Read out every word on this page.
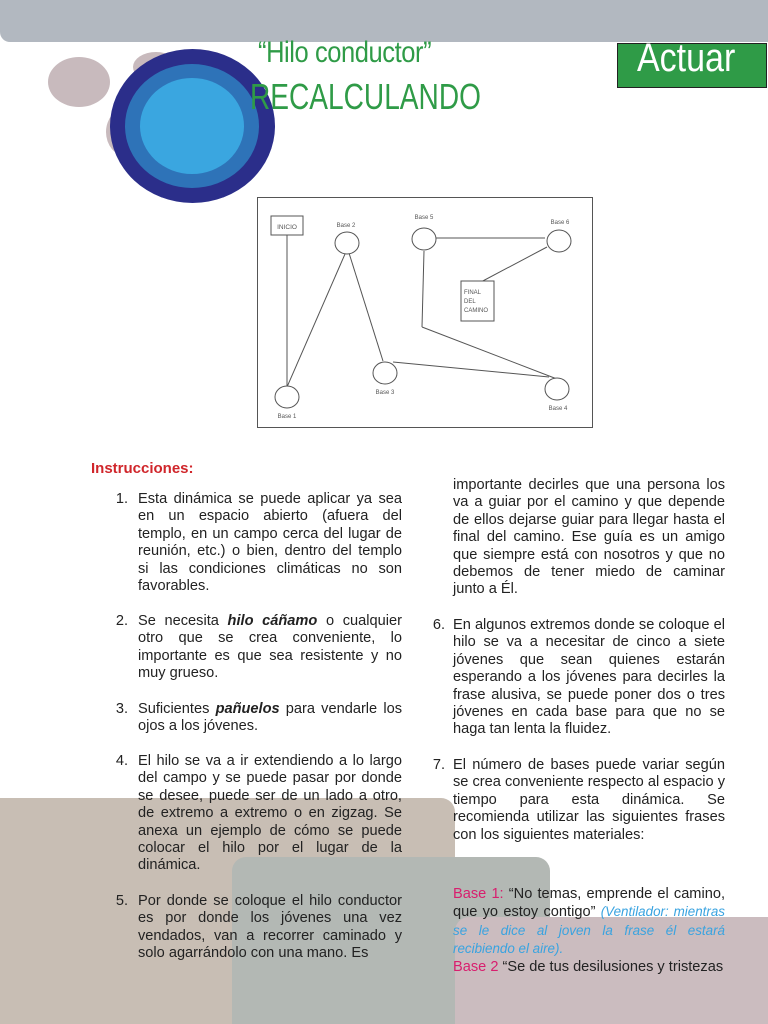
“Hilo conductor”
RECALCULANDO
Actuar
INICIO
Base 1
Base 2
Base 3
Base 4
Base 5
Base 6
FINAL
DEL
CAMINO
Instrucciones:
1. Esta dinámica se puede aplicar ya sea en un espacio abierto (afuera del templo, en un campo cerca del lugar de reunión, etc.) o bien, dentro del templo si las condiciones climáticas no son favorables.
2. Se necesita hilo cáñamo o cualquier otro que se crea conveniente, lo importante es que sea resistente y no muy grueso.
3. Suficientes pañuelos para vendarle los ojos a los jóvenes.
4. El hilo se va a ir extendiendo a lo largo del campo y se puede pasar por donde se desee, puede ser de un lado a otro, de extremo a extremo o en zigzag. Se anexa un ejemplo de cómo se puede colocar el hilo por el lugar de la dinámica.
5. Por donde se coloque el hilo conductor es por donde los jóvenes una vez vendados, van a recorrer caminado y solo agarrándolo con una mano. Es
importante decirles que una persona los va a guiar por el camino y que depende de ellos dejarse guiar para llegar hasta el final del camino. Ese guía es un amigo que siempre está con nosotros y que no debemos de tener miedo de caminar junto a Él.
6. En algunos extremos donde se coloque el hilo se va a necesitar de cinco a siete jóvenes que sean quienes estarán esperando a los jóvenes para decirles la frase alusiva, se puede poner dos o tres jóvenes en cada base para que no se haga tan lenta la fluidez.
7. El número de bases puede variar según se crea conveniente respecto al espacio y tiempo para esta dinámica. Se recomienda utilizar las siguientes frases con los siguientes materiales:
Base 1: “No temas, emprende el camino, que yo estoy contigo” (Ventilador: mientras se le dice al joven la frase él estará recibiendo el aire).
Base 2 “Se de tus desilusiones y tristezas
